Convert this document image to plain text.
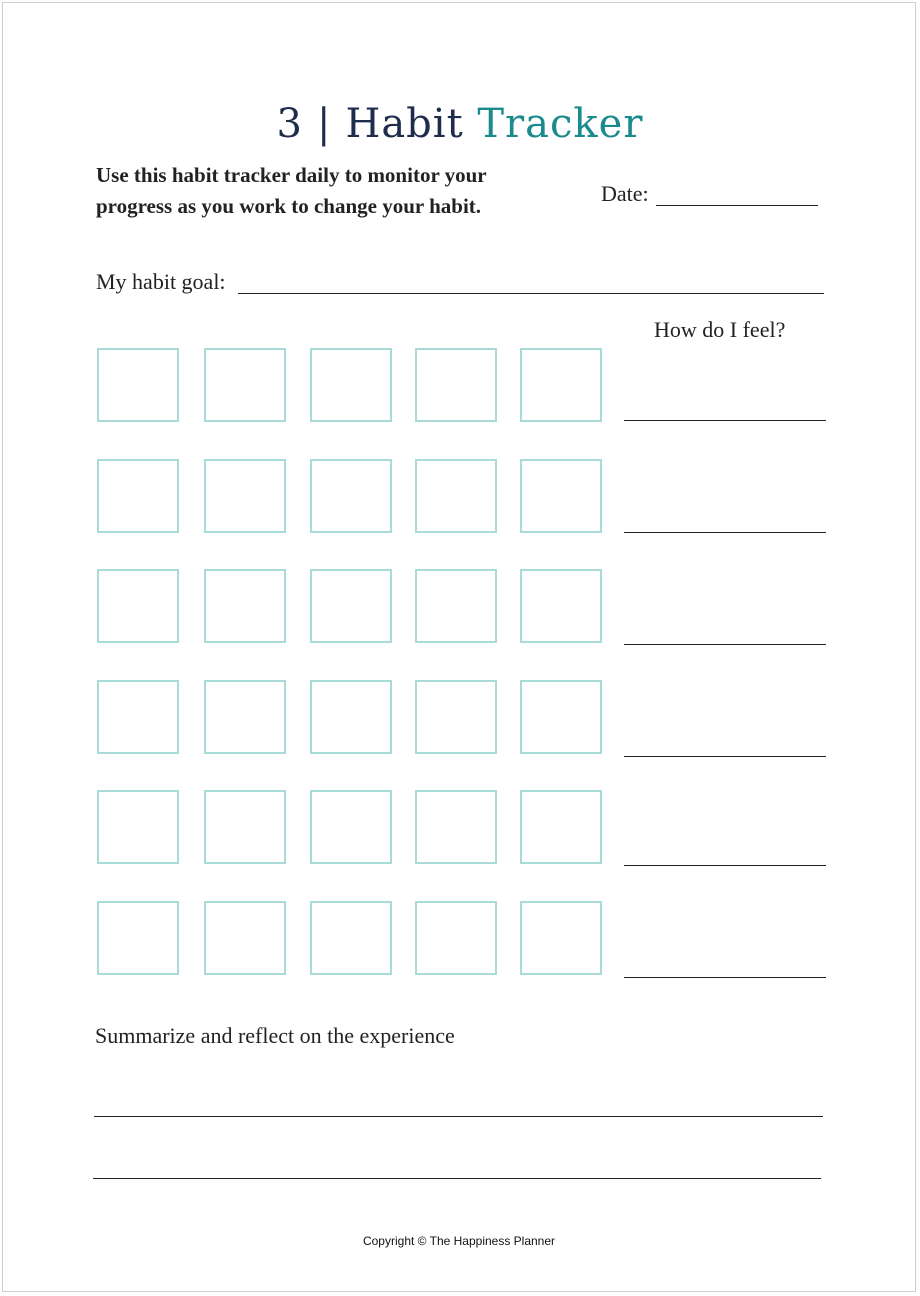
3 | Habit Tracker
Use this habit tracker daily to monitor your progress as you work to change your habit.	Date:
My habit goal:
How do I feel?
Summarize and reflect on the experience
Copyright © The Happiness Planner
